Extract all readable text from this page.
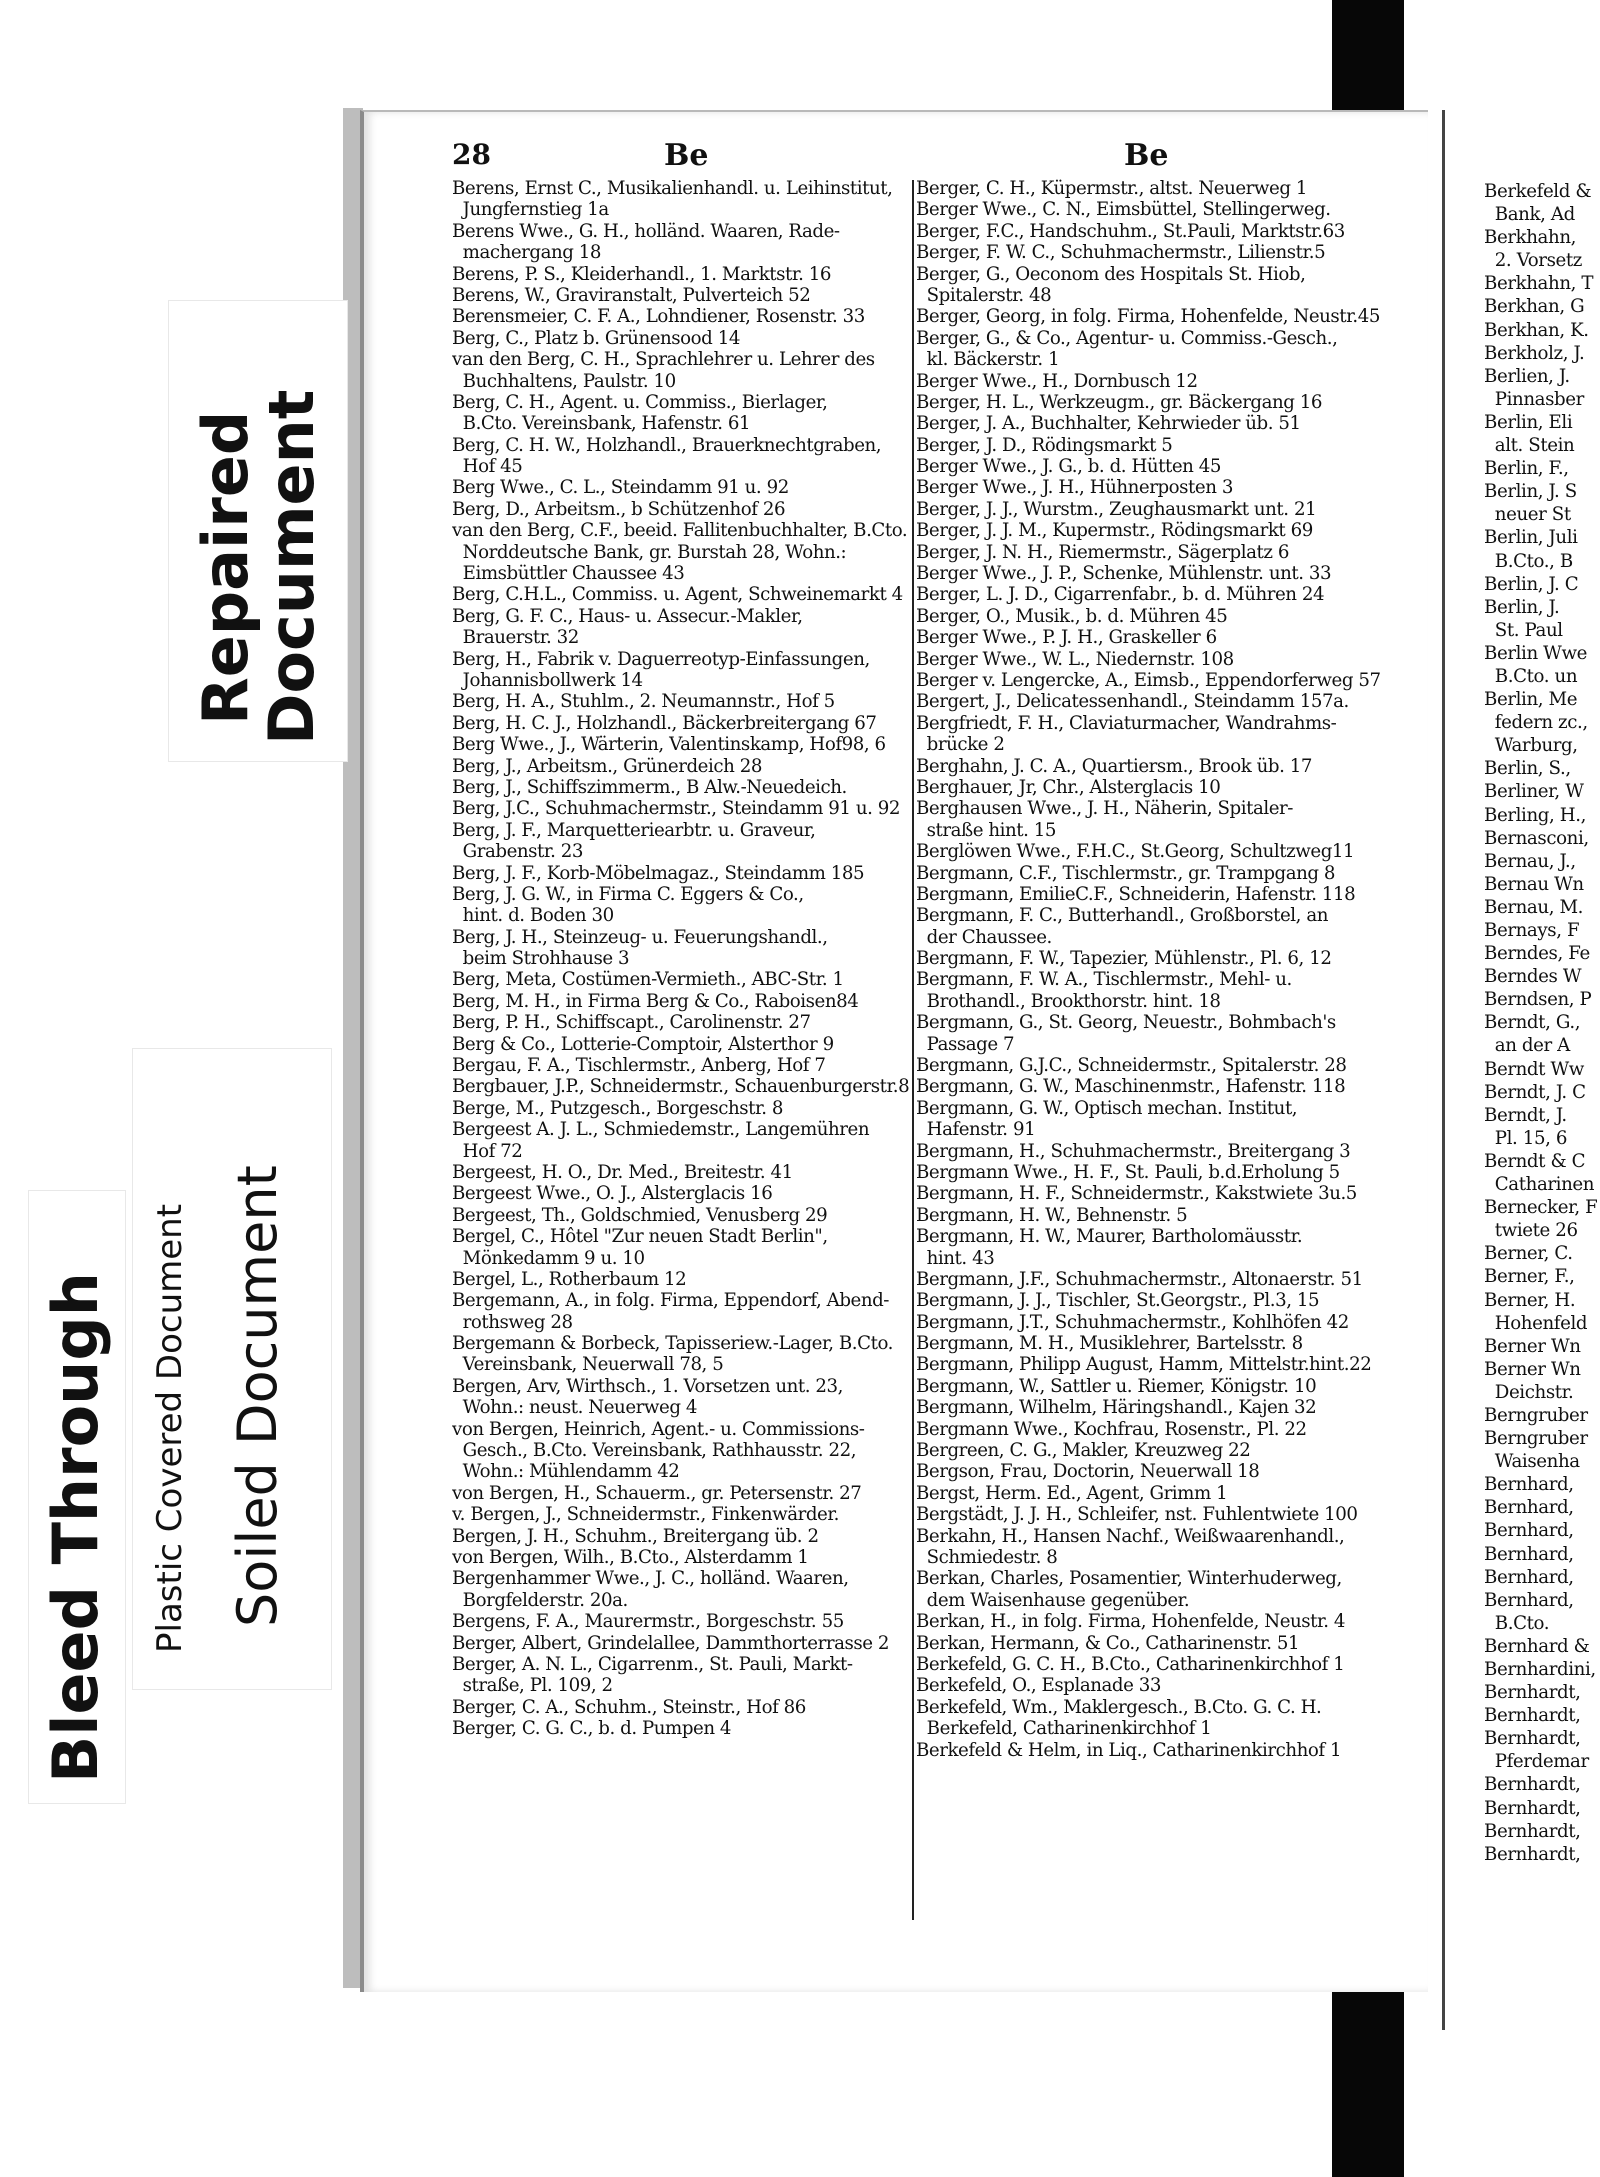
Repaired
Document
Plastic Covered Document Soiled Document
Bleed Through
28	Be	Be
Berens, Ernst C., Musikalienhandl. u. Leihinstitut,
Jungfernstieg 1a
Berens Wwe., G. H., holländ. Waaren, Rade-
machergang 18
Berens, P. S., Kleiderhandl., 1. Marktstr. 16
Berens, W., Graviranstalt, Pulverteich 52
Berensmeier, C. F. A., Lohndiener, Rosenstr. 33
Berg, C., Platz b. Grünensood 14
van den Berg, C. H., Sprachlehrer u. Lehrer des
Buchhaltens, Paulstr. 10
Berg, C. H., Agent. u. Commiss., Bierlager,
B.Cto. Vereinsbank, Hafenstr. 61
Berg, C. H. W., Holzhandl., Brauerknechtgraben,
Hof 45
Berg Wwe., C. L., Steindamm 91 u. 92
Berg, D., Arbeitsm., b Schützenhof 26
van den Berg, C.F., beeid. Fallitenbuchhalter, B.Cto.
Norddeutsche Bank, gr. Burstah 28, Wohn.:
Eimsbüttler Chaussee 43
Berg, C.H.L., Commiss. u. Agent, Schweinemarkt 4
Berg, G. F. C., Haus- u. Assecur.-Makler,
Brauerstr. 32
Berg, H., Fabrik v. Daguerreotyp-Einfassungen,
Johannisbollwerk 14
Berg, H. A., Stuhlm., 2. Neumannstr., Hof 5
Berg, H. C. J., Holzhandl., Bäckerbreitergang 67
Berg Wwe., J., Wärterin, Valentinskamp, Hof98, 6
Berg, J., Arbeitsm., Grünerdeich 28
Berg, J., Schiffszimmerm., B Alw.-Neuedeich.
Berg, J.C., Schuhmachermstr., Steindamm 91 u. 92
Berg, J. F., Marquetteriearbtr. u. Graveur,
Grabenstr. 23
Berg, J. F., Korb-Möbelmagaz., Steindamm 185
Berg, J. G. W., in Firma C. Eggers & Co.,
hint. d. Boden 30
Berg, J. H., Steinzeug- u. Feuerungshandl.,
beim Strohhause 3
Berg, Meta, Costümen-Vermieth., ABC-Str. 1
Berg, M. H., in Firma Berg & Co., Raboisen84
Berg, P. H., Schiffscapt., Carolinenstr. 27
Berg & Co., Lotterie-Comptoir, Alsterthor 9
Bergau, F. A., Tischlermstr., Anberg, Hof 7
Bergbauer, J.P., Schneidermstr., Schauenburgerstr.8
Berge, M., Putzgesch., Borgeschstr. 8
Bergeest A. J. L., Schmiedemstr., Langemühren
Hof 72
Bergeest, H. O., Dr. Med., Breitestr. 41
Bergeest Wwe., O. J., Alsterglacis 16
Bergeest, Th., Goldschmied, Venusberg 29
Bergel, C., Hôtel "Zur neuen Stadt Berlin",
Mönkedamm 9 u. 10
Bergel, L., Rotherbaum 12
Bergemann, A., in folg. Firma, Eppendorf, Abend-
rothsweg 28
Bergemann & Borbeck, Tapisseriew.-Lager, B.Cto.
Vereinsbank, Neuerwall 78, 5
Bergen, Arv, Wirthsch., 1. Vorsetzen unt. 23,
Wohn.: neust. Neuerweg 4
von Bergen, Heinrich, Agent.- u. Commissions-
Gesch., B.Cto. Vereinsbank, Rathhausstr. 22,
Wohn.: Mühlendamm 42
von Bergen, H., Schauerm., gr. Petersenstr. 27
v. Bergen, J., Schneidermstr., Finkenwärder.
Bergen, J. H., Schuhm., Breitergang üb. 2
von Bergen, Wilh., B.Cto., Alsterdamm 1
Bergenhammer Wwe., J. C., holländ. Waaren,
Borgfelderstr. 20a.
Bergens, F. A., Maurermstr., Borgeschstr. 55
Berger, Albert, Grindelallee, Dammthorterrasse 2
Berger, A. N. L., Cigarrenm., St. Pauli, Markt-
straße, Pl. 109, 2
Berger, C. A., Schuhm., Steinstr., Hof 86
Berger, C. G. C., b. d. Pumpen 4
Berger, C. H., Küpermstr., altst. Neuerweg 1
Berger Wwe., C. N., Eimsbüttel, Stellingerweg.
Berger, F.C., Handschuhm., St.Pauli, Marktstr.63
Berger, F. W. C., Schuhmachermstr., Lilienstr.5
Berger, G., Oeconom des Hospitals St. Hiob,
Spitalerstr. 48
Berger, Georg, in folg. Firma, Hohenfelde, Neustr.45
Berger, G., & Co., Agentur- u. Commiss.-Gesch.,
kl. Bäckerstr. 1
Berger Wwe., H., Dornbusch 12
Berger, H. L., Werkzeugm., gr. Bäckergang 16
Berger, J. A., Buchhalter, Kehrwieder üb. 51
Berger, J. D., Rödingsmarkt 5
Berger Wwe., J. G., b. d. Hütten 45
Berger Wwe., J. H., Hühnerposten 3
Berger, J. J., Wurstm., Zeughausmarkt unt. 21
Berger, J. J. M., Kupermstr., Rödingsmarkt 69
Berger, J. N. H., Riemermstr., Sägerplatz 6
Berger Wwe., J. P., Schenke, Mühlenstr. unt. 33
Berger, L. J. D., Cigarrenfabr., b. d. Mühren 24
Berger, O., Musik., b. d. Mühren 45
Berger Wwe., P. J. H., Graskeller 6
Berger Wwe., W. L., Niedernstr. 108
Berger v. Lengercke, A., Eimsb., Eppendorferweg 57
Bergert, J., Delicatessenhandl., Steindamm 157a.
Bergfriedt, F. H., Claviaturmacher, Wandrahms-
brücke 2
Berghahn, J. C. A., Quartiersm., Brook üb. 17
Berghauer, Jr, Chr., Alsterglacis 10
Berghausen Wwe., J. H., Näherin, Spitaler-
straße hint. 15
Berglöwen Wwe., F.H.C., St.Georg, Schultzweg11
Bergmann, C.F., Tischlermstr., gr. Trampgang 8
Bergmann, EmilieC.F., Schneiderin, Hafenstr. 118
Bergmann, F. C., Butterhandl., Großborstel, an
der Chaussee.
Bergmann, F. W., Tapezier, Mühlenstr., Pl. 6, 12
Bergmann, F. W. A., Tischlermstr., Mehl- u.
Brothandl., Brookthorstr. hint. 18
Bergmann, G., St. Georg, Neuestr., Bohmbach's
Passage 7
Bergmann, G.J.C., Schneidermstr., Spitalerstr. 28
Bergmann, G. W., Maschinenmstr., Hafenstr. 118
Bergmann, G. W., Optisch mechan. Institut,
Hafenstr. 91
Bergmann, H., Schuhmachermstr., Breitergang 3
Bergmann Wwe., H. F., St. Pauli, b.d.Erholung 5
Bergmann, H. F., Schneidermstr., Kakstwiete 3u.5
Bergmann, H. W., Behnenstr. 5
Bergmann, H. W., Maurer, Bartholomäusstr.
hint. 43
Bergmann, J.F., Schuhmachermstr., Altonaerstr. 51
Bergmann, J. J., Tischler, St.Georgstr., Pl.3, 15
Bergmann, J.T., Schuhmachermstr., Kohlhöfen 42
Bergmann, M. H., Musiklehrer, Bartelsstr. 8
Bergmann, Philipp August, Hamm, Mittelstr.hint.22
Bergmann, W., Sattler u. Riemer, Königstr. 10
Bergmann, Wilhelm, Häringshandl., Kajen 32
Bergmann Wwe., Kochfrau, Rosenstr., Pl. 22
Bergreen, C. G., Makler, Kreuzweg 22
Bergson, Frau, Doctorin, Neuerwall 18
Bergst, Herm. Ed., Agent, Grimm 1
Bergstädt, J. J. H., Schleifer, nst. Fuhlentwiete 100
Berkahn, H., Hansen Nachf., Weißwaarenhandl.,
Schmiedestr. 8
Berkan, Charles, Posamentier, Winterhuderweg,
dem Waisenhause gegenüber.
Berkan, H., in folg. Firma, Hohenfelde, Neustr. 4
Berkan, Hermann, & Co., Catharinenstr. 51
Berkefeld, G. C. H., B.Cto., Catharinenkirchhof 1
Berkefeld, O., Esplanade 33
Berkefeld, Wm., Maklergesch., B.Cto. G. C. H.
Berkefeld, Catharinenkirchhof 1
Berkefeld & Helm, in Liq., Catharinenkirchhof 1
Berkefeld &
Bank, Ad
Berkhahn,
2. Vorsetz
Berkhahn, T
Berkhan, G
Berkhan, K.
Berkholz, J.
Berlien, J.
Pinnasber
Berlin, Eli
alt. Stein
Berlin, F.,
Berlin, J. S
neuer St
Berlin, Juli
B.Cto., B
Berlin, J. C
Berlin, J.
St. Paul
Berlin Wwe
B.Cto. un
Berlin, Me
federn zc.,
Warburg,
Berlin, S.,
Berliner, W
Berling, H.,
Bernasconi,
Bernau, J.,
Bernau Wn
Bernau, M.
Bernays, F
Berndes, Fe
Berndes W
Berndsen, P
Berndt, G.,
an der A
Berndt Ww
Berndt, J. C
Berndt, J.
Pl. 15, 6
Berndt & C
Catharinen
Bernecker, F
twiete 26
Berner, C.
Berner, F.,
Berner, H.
Hohenfeld
Berner Wn
Berner Wn
Deichstr.
Berngruber
Berngruber
Waisenha
Bernhard,
Bernhard,
Bernhard,
Bernhard,
Bernhard,
Bernhard,
B.Cto.
Bernhard &
Bernhardini,
Bernhardt,
Bernhardt,
Bernhardt,
Pferdemar
Bernhardt,
Bernhardt,
Bernhardt,
Bernhardt,
